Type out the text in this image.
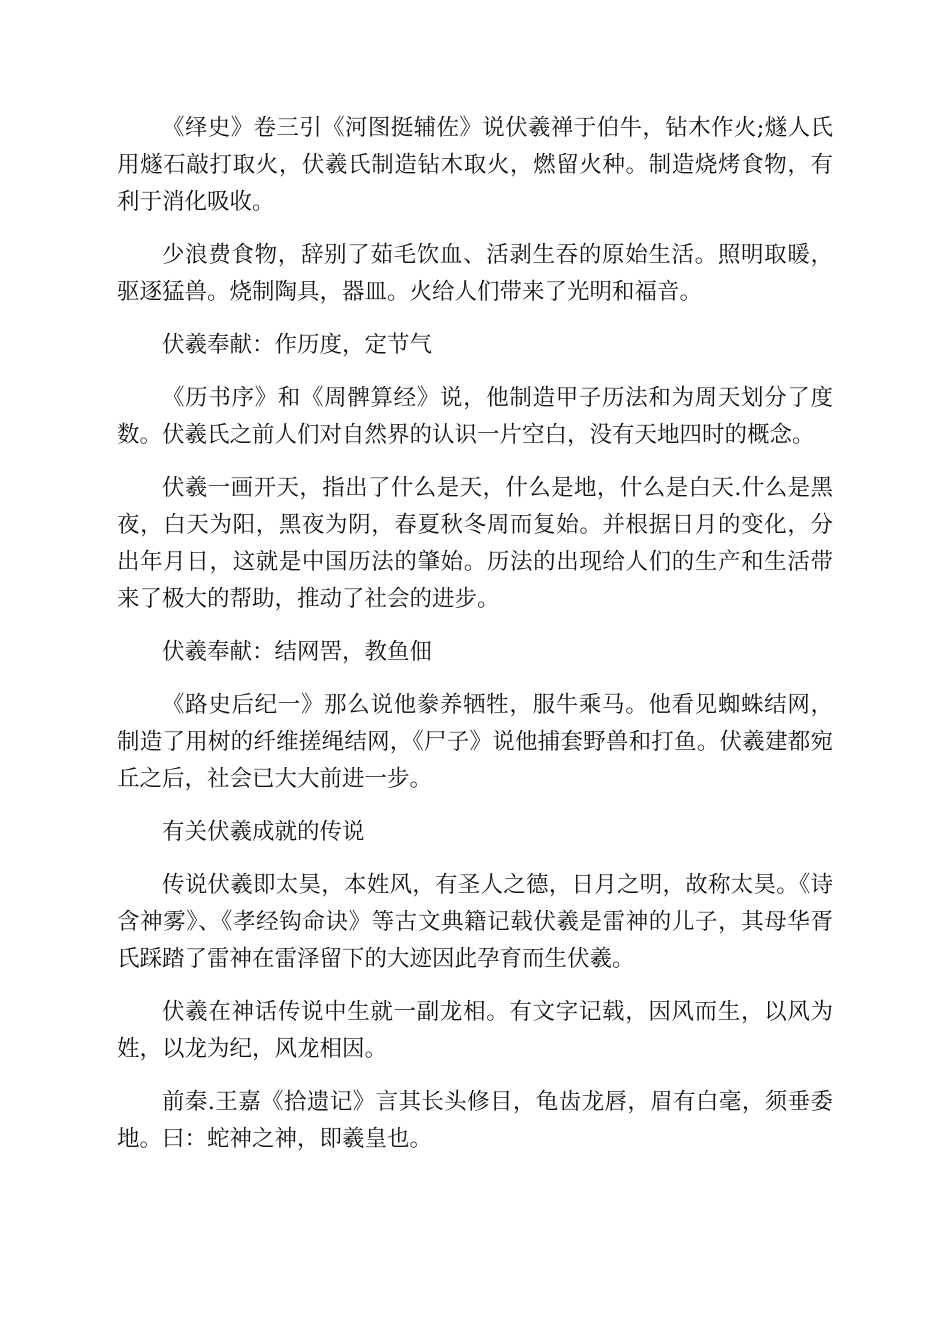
《绎史》卷三引《河图挺辅佐》说伏羲禅于伯牛，钻木作火;燧人氏用燧石敲打取火，伏羲氏制造钻木取火，燃留火种。制造烧烤食物，有利于消化吸收。

少浪费食物，辞别了茹毛饮血、活剥生吞的原始生活。照明取暖，驱逐猛兽。烧制陶具，器皿。火给人们带来了光明和福音。

伏羲奉献：作历度，定节气

《历书序》和《周髀算经》说，他制造甲子历法和为周天划分了度数。伏羲氏之前人们对自然界的认识一片空白，没有天地四时的概念。

伏羲一画开天，指出了什么是天，什么是地，什么是白天.什么是黑夜，白天为阳，黑夜为阴，春夏秋冬周而复始。并根据日月的变化，分出年月日，这就是中国历法的肇始。历法的出现给人们的生产和生活带来了极大的帮助，推动了社会的进步。

伏羲奉献：结网罟，教鱼佃

《路史后纪一》那么说他豢养牺牲，服牛乘马。他看见蜘蛛结网，制造了用树的纤维搓绳结网，《尸子》说他捕套野兽和打鱼。伏羲建都宛丘之后，社会已大大前进一步。

有关伏羲成就的传说

传说伏羲即太昊，本姓风，有圣人之德，日月之明，故称太昊。《诗含神雾》、《孝经钩命诀》等古文典籍记载伏羲是雷神的儿子，其母华胥氏踩踏了雷神在雷泽留下的大迹因此孕育而生伏羲。

伏羲在神话传说中生就一副龙相。有文字记载，因风而生，以风为姓，以龙为纪，风龙相因。

前秦.王嘉《拾遗记》言其长头修目，龟齿龙唇，眉有白毫，须垂委地。曰：蛇神之神，即羲皇也。
